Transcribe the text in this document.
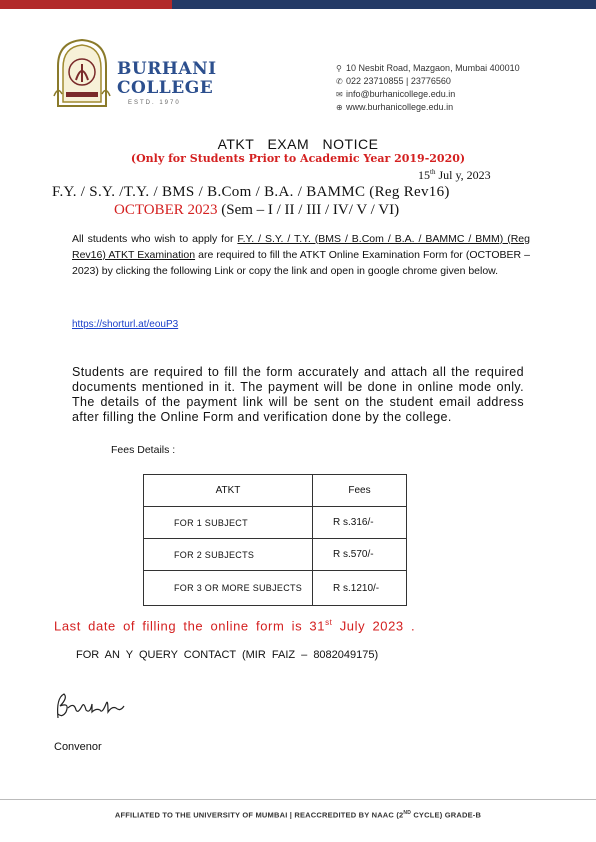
BURHANI
COLLEGE
ESTD. 1970
⚲ 10 Nesbit Road, Mazgaon, Mumbai 400010
✆ 022 23710855 | 23776560
✉ info@burhanicollege.edu.in
⊕ www.burhanicollege.edu.in
ATKT EXAM NOTICE
(Only for Students Prior to Academic Year 2019-2020)
15th Jul y, 2023
F.Y. / S.Y. /T.Y. / BMS / B.Com / B.A. / BAMMC (Reg Rev16)
OCTOBER 2023 (Sem – I / II / III / IV/ V / VI)
All students who wish to apply for F.Y. / S.Y. / T.Y. (BMS / B.Com / B.A. / BAMMC / BMM) (Reg Rev16) ATKT Examination are required to fill the ATKT Online Examination Form for (OCTOBER – 2023) by clicking the following Link or copy the link and open in google chrome given below.
https://shorturl.at/eouP3
Students are required to fill the form accurately and attach all the required documents mentioned in it. The payment will be done in online mode only. The details of the payment link will be sent on the student email address after filling the Online Form and verification done by the college.
Fees Details :
ATKT	Fees
FOR 1 SUBJECT	R s.316/-
FOR 2 SUBJECTS	R s.570/-
FOR 3 OR MORE SUBJECTS	R s.1210/-
Last date of filling the online form is 31st July 2023 .
FOR AN Y QUERY CONTACT (MIR FAIZ – 8082049175)
Convenor
AFFILIATED TO THE UNIVERSITY OF MUMBAI | REACCREDITED BY NAAC (2ND CYCLE) GRADE-B
